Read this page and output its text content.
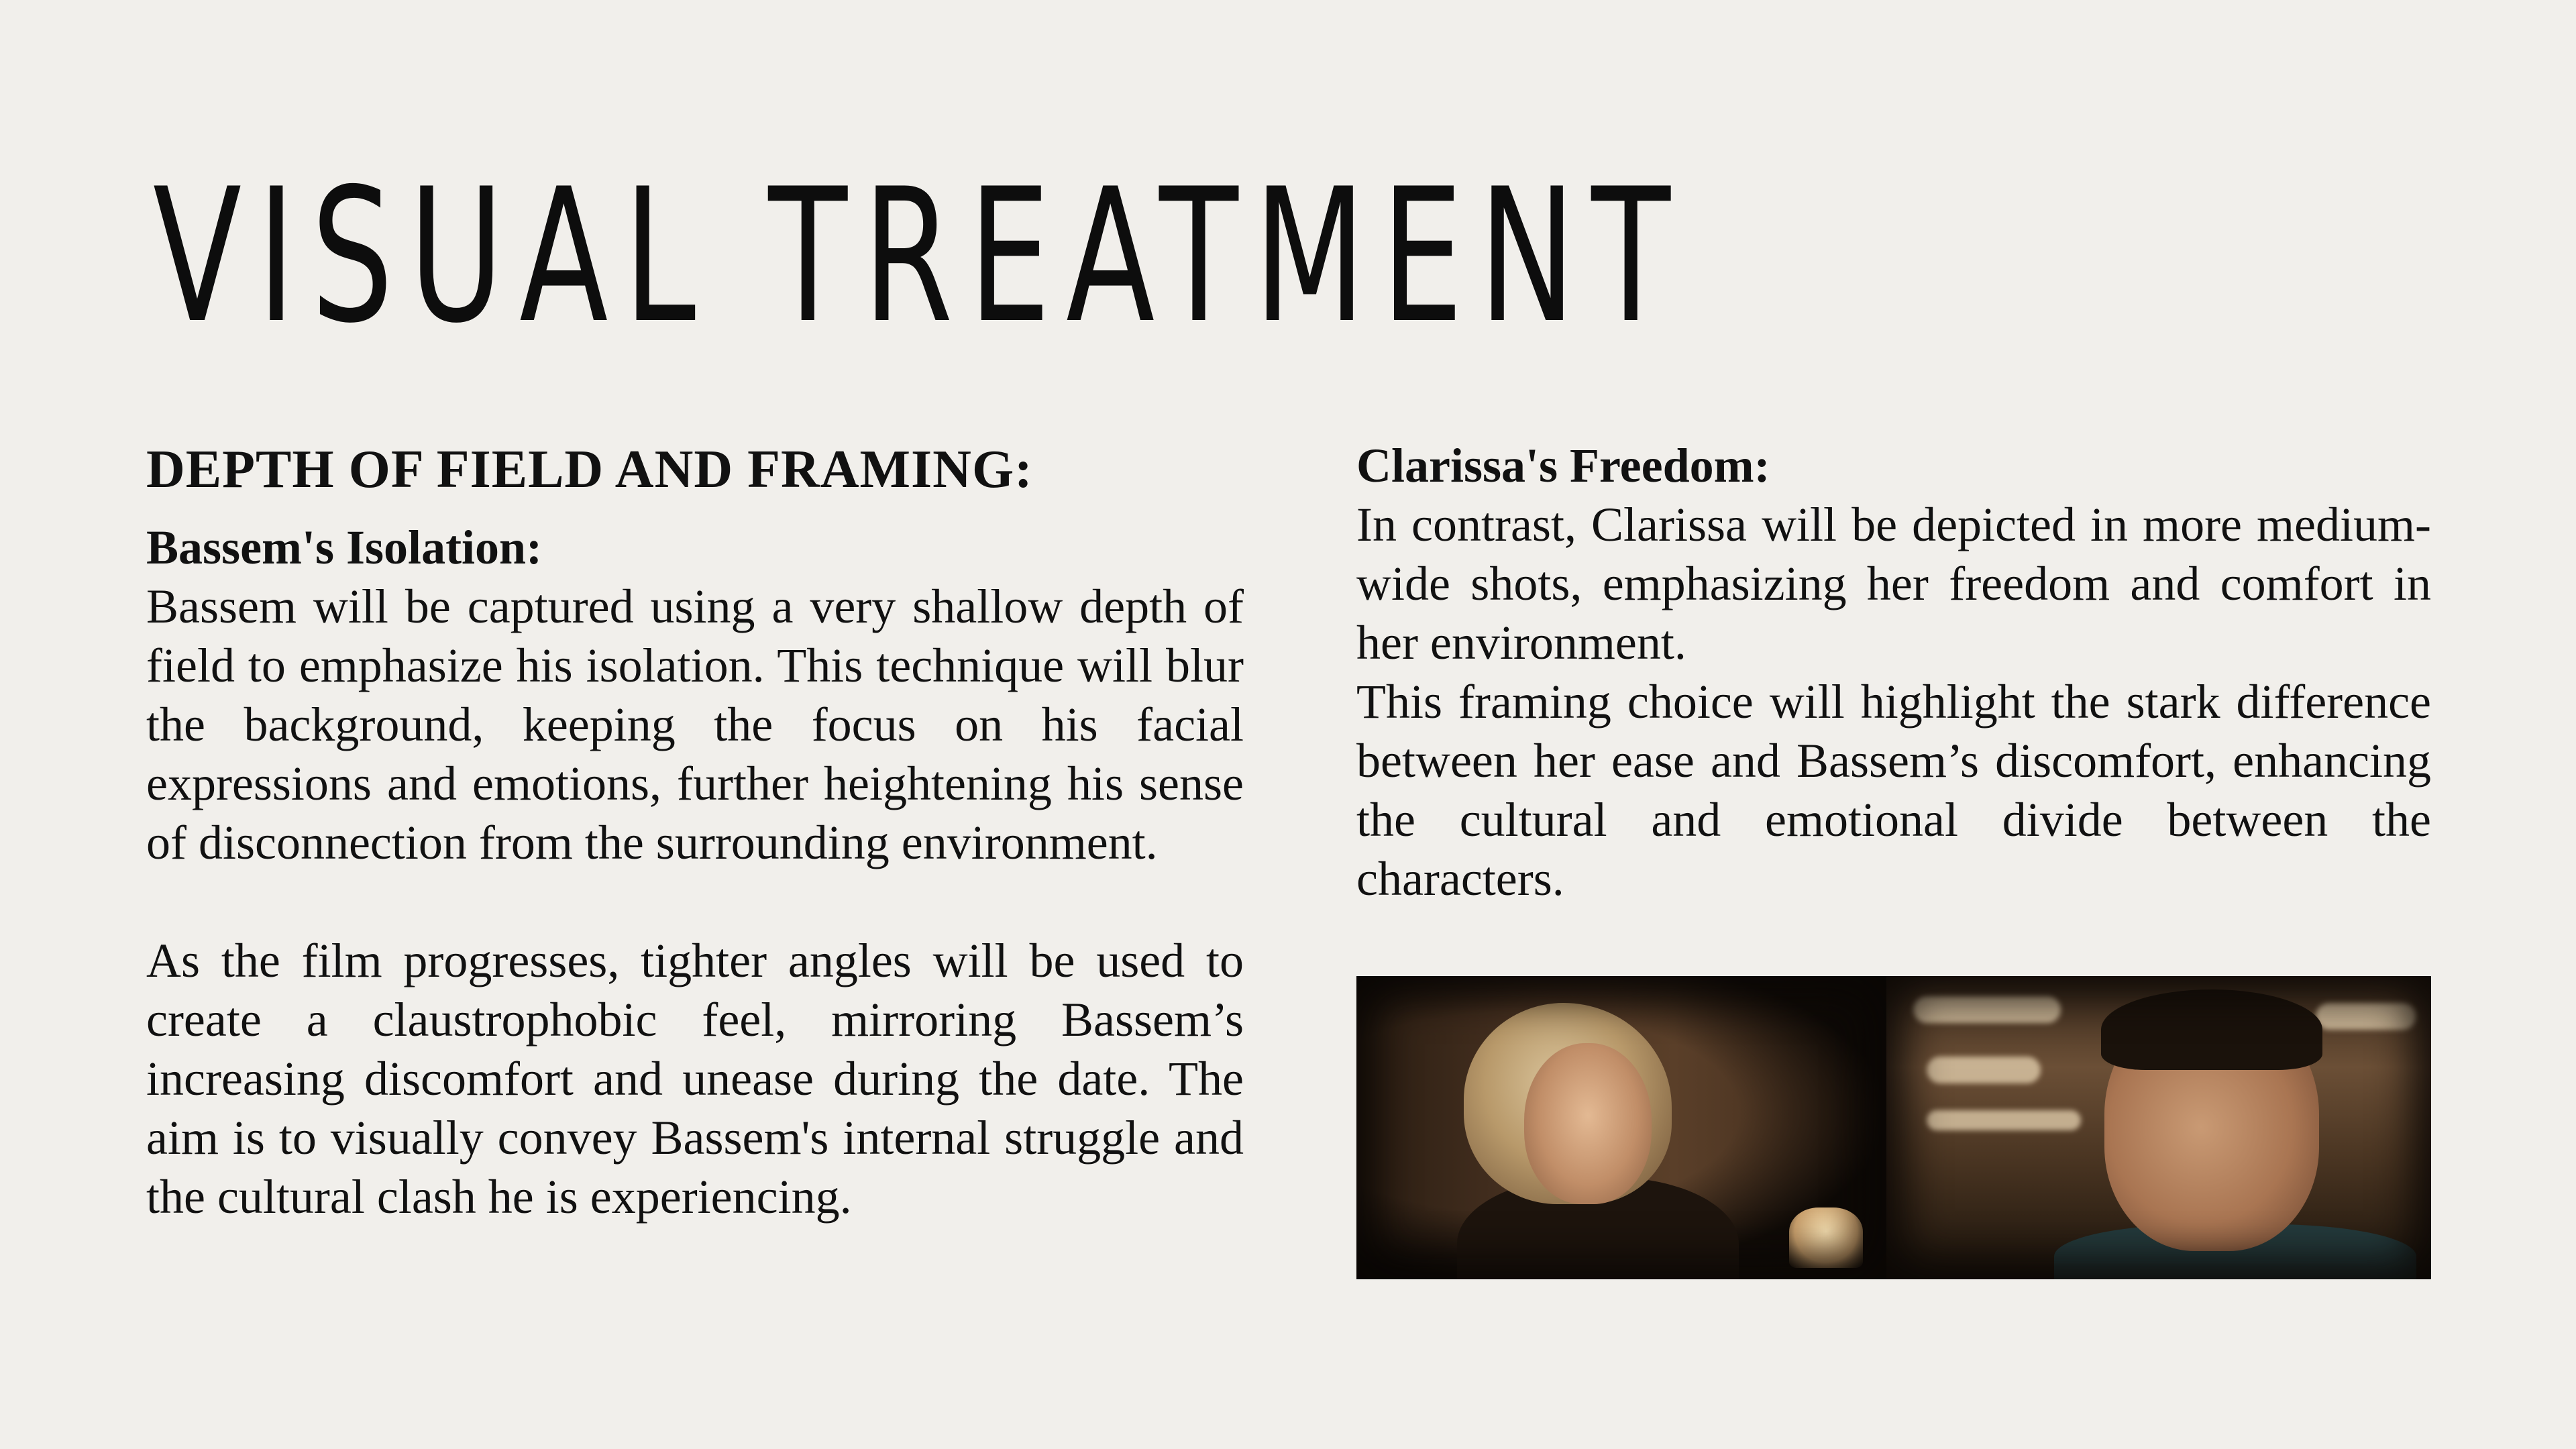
VISUAL TREATMENT
DEPTH OF FIELD AND FRAMING:
Bassem's Isolation:

Bassem will be captured using a very shallow depth of field to emphasize his isolation. This technique will blur the background, keeping the focus on his facial expressions and emotions, further heightening his sense of disconnection from the surrounding environment.

As the film progresses, tighter angles will be used to create a claustrophobic feel, mirroring Bassem’s increasing discomfort and unease during the date. The aim is to visually convey Bassem's internal struggle and the cultural clash he is experiencing.

Clarissa's Freedom:

In contrast, Clarissa will be depicted in more medium-wide shots, emphasizing her freedom and comfort in her environment.

This framing choice will highlight the stark difference between her ease and Bassem’s discomfort, enhancing the cultural and emotional divide between the characters.
